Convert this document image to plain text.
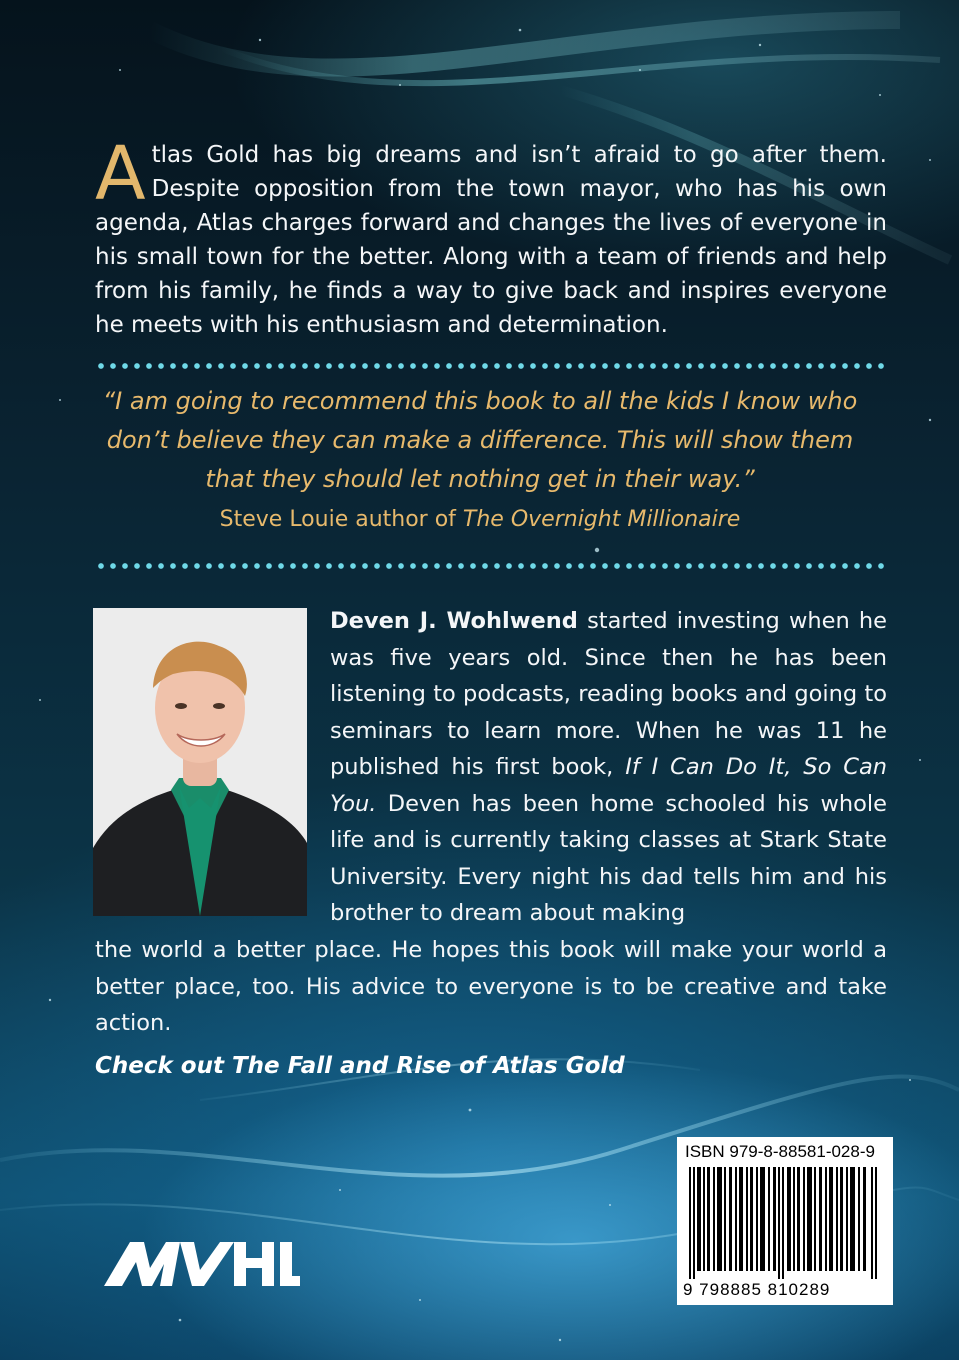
Atlas Gold has big dreams and isn’t afraid to go after them. Despite opposition from the town mayor, who has his own agenda, Atlas charges forward and changes the lives of everyone in his small town for the better. Along with a team of friends and help from his family, he finds a way to give back and inspires everyone he meets with his enthusiasm and determination.
“I am going to recommend this book to all the kids I know who
don’t believe they can make a difference. This will show them
that they should let nothing get in their way.”
Steve Louie author of The Overnight Millionaire
Deven J. Wohlwend started investing when he was five years old. Since then he has been listening to podcasts, reading books and going to seminars to learn more. When he was 11 he published his first book, If I Can Do It, So Can You. Deven has been home schooled his whole life and is currently taking classes at Stark State University. Every night his dad tells him and his brother to dream about making
the world a better place. He hopes this book will make your world a better place, too. His advice to everyone is to be creative and take action.
Check out The Fall and Rise of Atlas Gold
ISBN 979-8-88581-028-9
9 798885 810289
